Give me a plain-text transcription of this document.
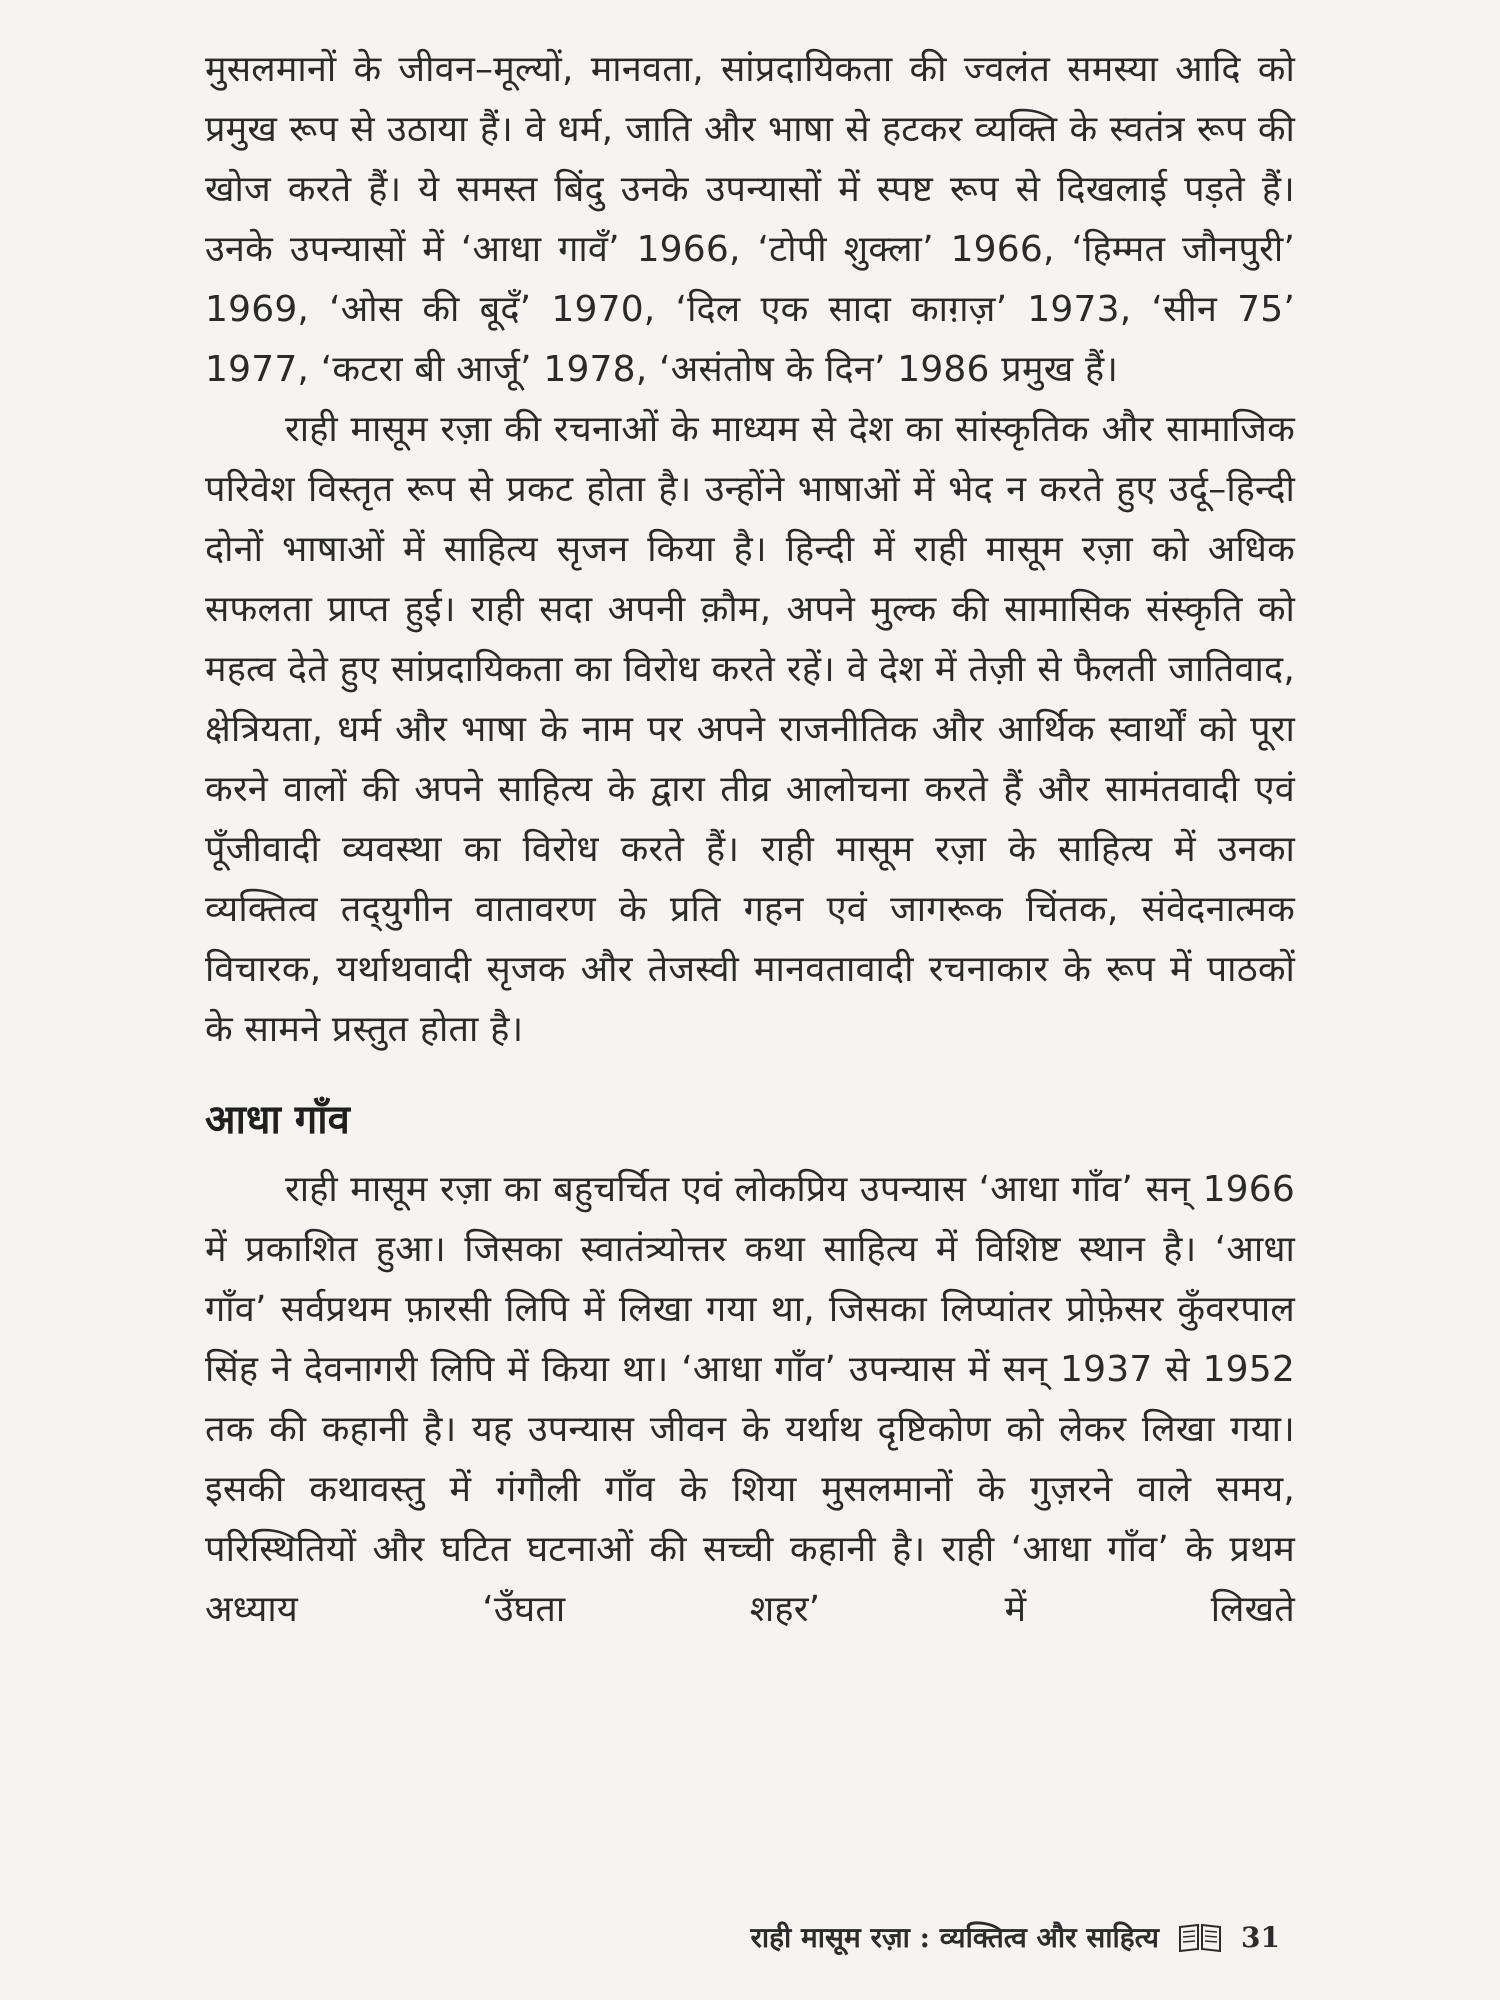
मुसलमानों के जीवन–मूल्यों, मानवता, सांप्रदायिकता की ज्वलंत समस्या आदि को प्रमुख रूप से उठाया हैं। वे धर्म, जाति और भाषा से हटकर व्यक्ति के स्वतंत्र रूप की खोज करते हैं। ये समस्त बिंदु उनके उपन्यासों में स्पष्ट रूप से दिखलाई पड़ते हैं। उनके उपन्यासों में ‘आधा गावँ’ 1966, ‘टोपी शुक्ला’ 1966, ‘हिम्मत जौनपुरी’ 1969, ‘ओस की बूदँ’ 1970, ‘दिल एक सादा काग़ज़’ 1973, ‘सीन 75’ 1977, ‘कटरा बी आर्जू’ 1978, ‘असंतोष के दिन’ 1986 प्रमुख हैं।

राही मासूम रज़ा की रचनाओं के माध्यम से देश का सांस्कृतिक और सामाजिक परिवेश विस्तृत रूप से प्रकट होता है। उन्होंने भाषाओं में भेद न करते हुए उर्दू–हिन्दी दोनों भाषाओं में साहित्य सृजन किया है। हिन्दी में राही मासूम रज़ा को अधिक सफलता प्राप्त हुई। राही सदा अपनी क़ौम, अपने मुल्क की सामासिक संस्कृति को महत्व देते हुए सांप्रदायिकता का विरोध करते रहें। वे देश में तेज़ी से फैलती जातिवाद, क्षेत्रियता, धर्म और भाषा के नाम पर अपने राजनीतिक और आर्थिक स्वार्थों को पूरा करने वालों की अपने साहित्य के द्वारा तीव्र आलोचना करते हैं और सामंतवादी एवं पूँजीवादी व्यवस्था का विरोध करते हैं। राही मासूम रज़ा के साहित्य में उनका व्यक्तित्व तद्‌युगीन वातावरण के प्रति गहन एवं जागरूक चिंतक, संवेदनात्मक विचारक, यर्थाथवादी सृजक और तेजस्वी मानवतावादी रचनाकार के रूप में पाठकों के सामने प्रस्तुत होता है।

आधा गाँव

राही मासूम रज़ा का बहुचर्चित एवं लोकप्रिय उपन्यास ‘आधा गाँव’ सन् 1966 में प्रकाशित हुआ। जिसका स्वातंत्र्योत्तर कथा साहित्य में विशिष्ट स्थान है। ‘आधा गाँव’ सर्वप्रथम फ़ारसी लिपि में लिखा गया था, जिसका लिप्यांतर प्रोफ़ेसर कुँवरपाल सिंह ने देवनागरी लिपि में किया था। ‘आधा गाँव’ उपन्यास में सन् 1937 से 1952 तक की कहानी है। यह उपन्यास जीवन के यर्थाथ दृष्टिकोण को लेकर लिखा गया। इसकी कथावस्तु में गंगौली गाँव के शिया मुसलमानों के गुज़रने वाले समय, परिस्थितियों और घटित घटनाओं की सच्ची कहानी है। राही ‘आधा गाँव’ के प्रथम अध्याय ‘उँघता शहर’ में लिखते

राही मासूम रज़ा : व्यक्तित्व और साहित्य	31
